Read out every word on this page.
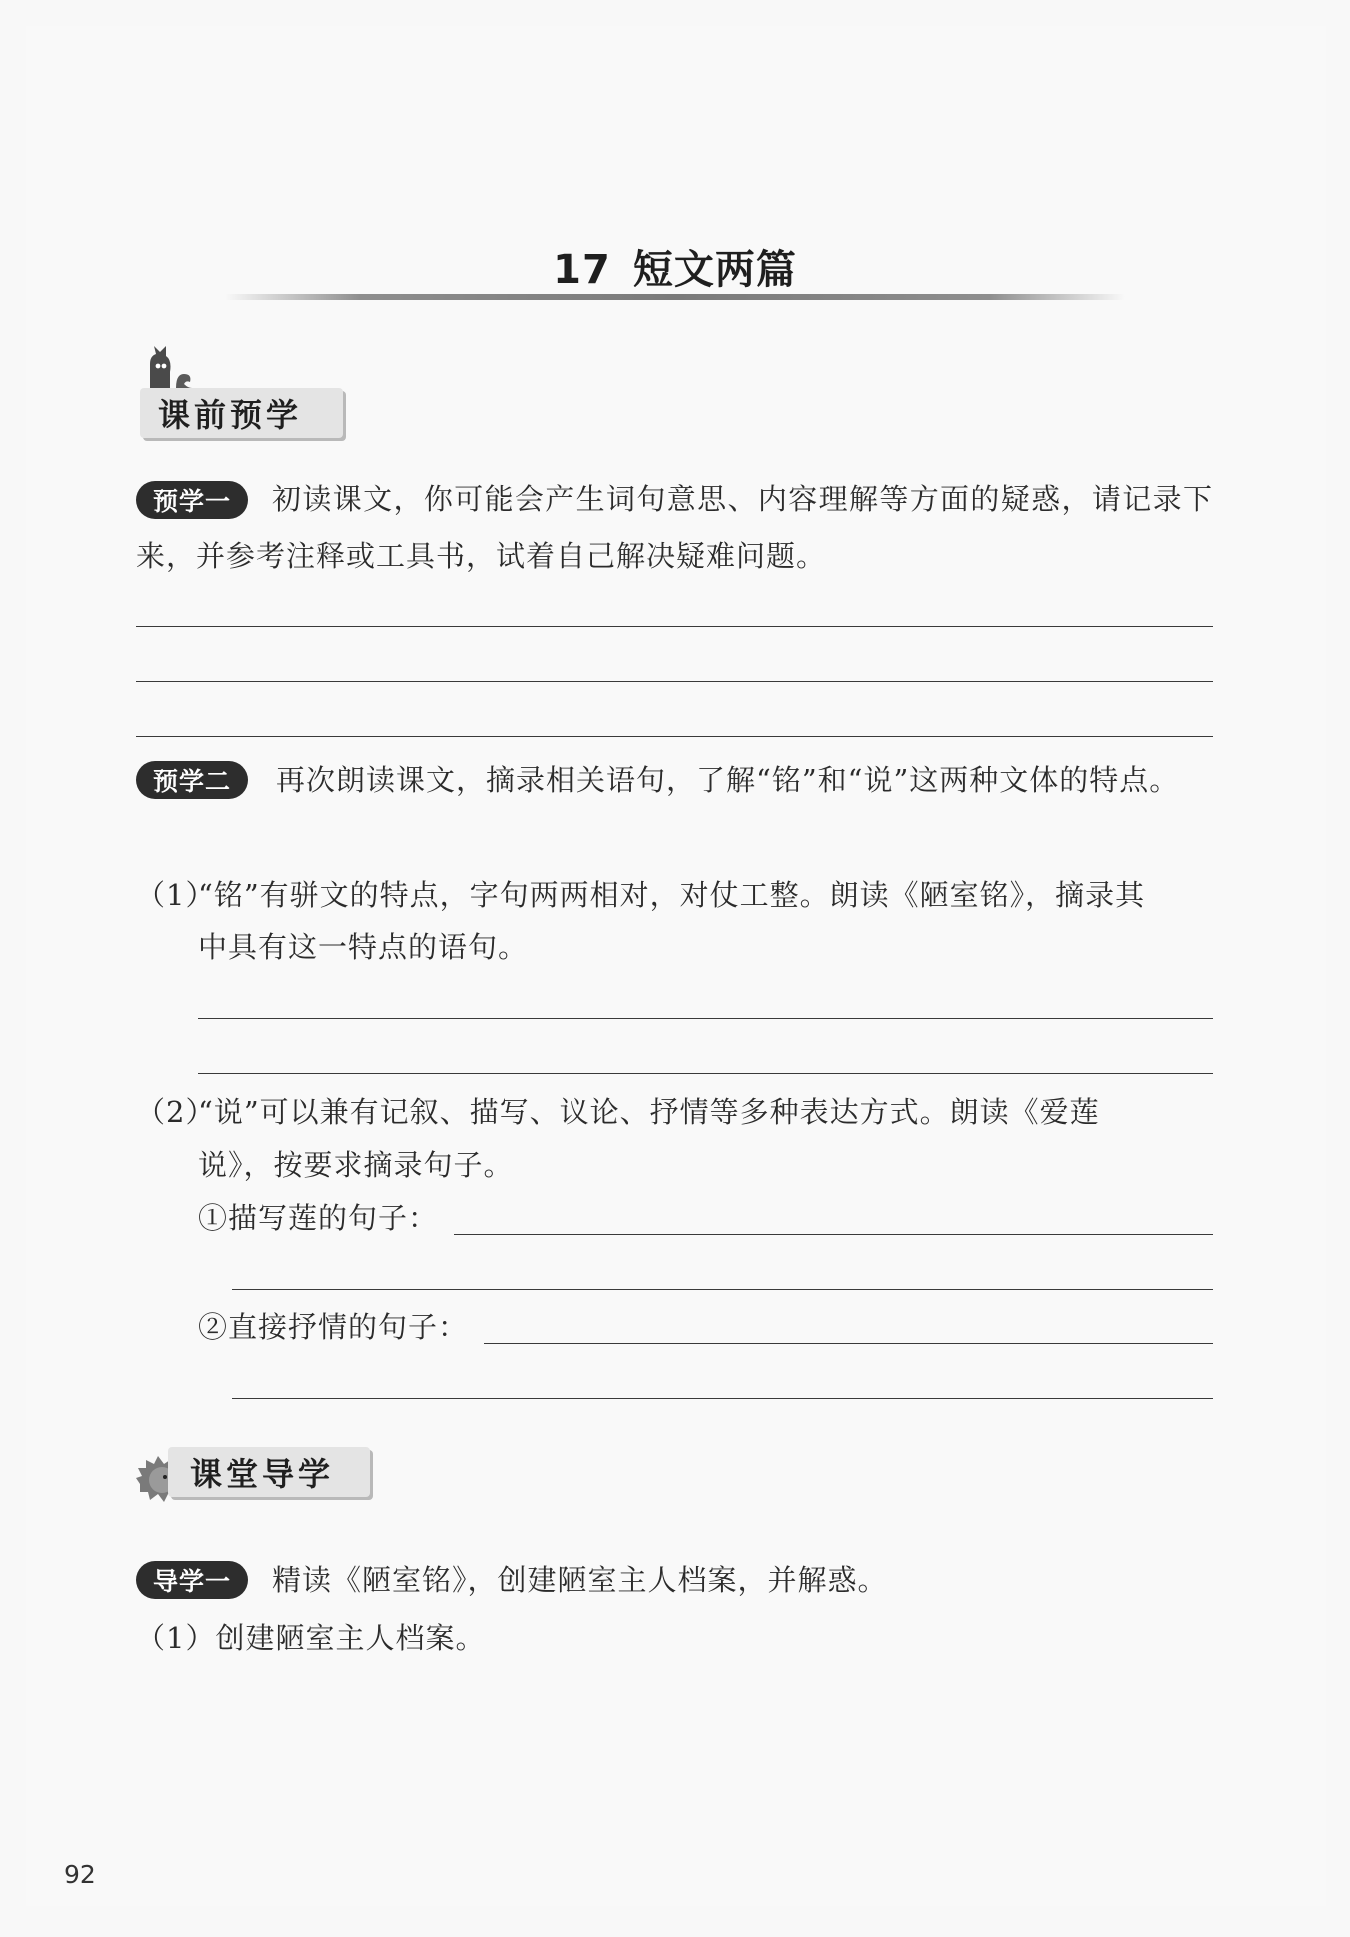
17 短文两篇
课前预学
预学一	初读课文，你可能会产生词句意思、内容理解等方面的疑惑，请记录下来，并参考注释或工具书，试着自己解决疑难问题。
预学二	再次朗读课文，摘录相关语句，了解“铭”和“说”这两种文体的特点。
（1）
“铭”有骈文的特点，字句两两相对，对仗工整。朗读《陋室铭》，摘录其
中具有这一特点的语句。
（2）
“说”可以兼有记叙、描写、议论、抒情等多种表达方式。朗读《爱莲
说》，按要求摘录句子。
①描写莲的句子：
②直接抒情的句子：
课堂导学
导学一	精读《陋室铭》，创建陋室主人档案，并解惑。
（1）创建陋室主人档案。
92
